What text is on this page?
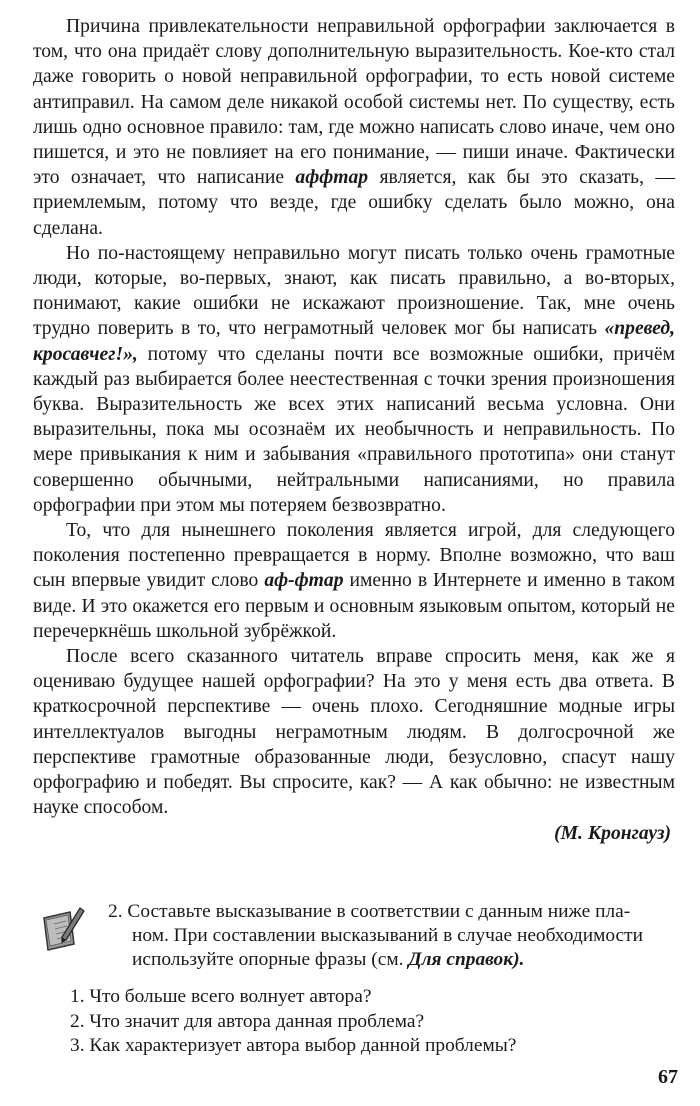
Причина привлекательности неправильной орфографии заключается в том, что она придаёт слову дополнительную выразительность. Кое-кто стал даже говорить о новой неправильной орфографии, то есть новой системе антиправил. На самом деле никакой особой системы нет. По существу, есть лишь одно основное правило: там, где можно написать слово иначе, чем оно пишется, и это не повлияет на его понимание, — пиши иначе. Фактически это означает, что написание аффтар является, как бы это сказать, — приемлемым, потому что везде, где ошибку сделать было можно, она сделана.

Но по-настоящему неправильно могут писать только очень грамотные люди, которые, во-первых, знают, как писать правильно, а во-вторых, понимают, какие ошибки не искажают произношение. Так, мне очень трудно поверить в то, что неграмотный человек мог бы написать «превед, кросавчег!», потому что сделаны почти все возможные ошибки, причём каждый раз выбирается более неестественная с точки зрения произношения буква. Выразительность же всех этих написаний весьма условна. Они выразительны, пока мы осознаём их необычность и неправильность. По мере привыкания к ним и забывания «правильного прототипа» они станут совершенно обычными, нейтральными написаниями, но правила орфографии при этом мы потеряем безвозвратно.

То, что для нынешнего поколения является игрой, для следующего поколения постепенно превращается в норму. Вполне возможно, что ваш сын впервые увидит слово аф-фтар именно в Интернете и именно в таком виде. И это окажется его первым и основным языковым опытом, который не перечеркнёшь школьной зубрёжкой.

После всего сказанного читатель вправе спросить меня, как же я оцениваю будущее нашей орфографии? На это у меня есть два ответа. В краткосрочной перспективе — очень плохо. Сегодняшние модные игры интеллектуалов выгодны неграмотным людям. В долгосрочной же перспективе грамотные образованные люди, безусловно, спасут нашу орфографию и победят. Вы спросите, как? — А как обычно: не известным науке способом.

(М. Кронгауз)
2. Составьте высказывание в соответствии с данным ниже пла-

ном. При составлении высказываний в случае необходимости
используйте опорные фразы (см. Для справок).
1. Что больше всего волнует автора?
2. Что значит для автора данная проблема?
3. Как характеризует автора выбор данной проблемы?
67
